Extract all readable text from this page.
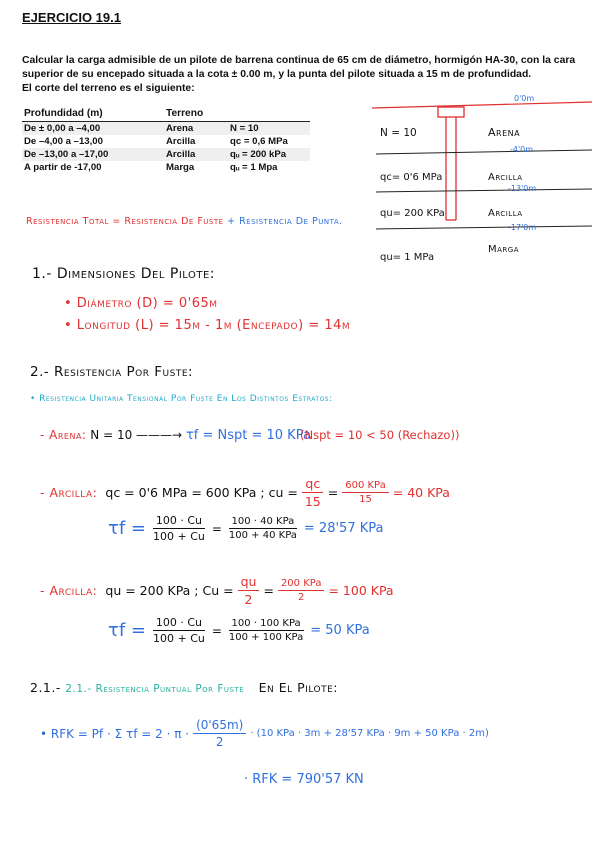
EJERCICIO 19.1
Calcular la carga admisible de un pilote de barrena continua de 65 cm de diámetro, hormigón HA-30, con la cara
superior de su encepado situada a la cota ± 0.00 m, y la punta del pilote situada a 15 m de profundidad.
El corte del terreno es el siguiente:
Profundidad (m)	Terreno	
De ± 0,00 a –4,00	Arena	N = 10
De –4,00 a –13,00	Arcilla	qᴄ = 0,6 MPa
De –13,00 a –17,00	Arcilla	qᵤ = 200 kPa
A partir de -17,00	Marga	qᵤ = 1 Mpa
0'0m
N = 10	Arena
-4'0m
qc= 0'6 MPa	Arcilla
-13'0m
qu= 200 KPa	Arcilla
-17'0m
qu= 1 MPa
Marga
Resistencia Total = Resistencia De Fuste + Resistencia De Punta.
1.- Dimensiones Del Pilote:
• Diámetro (D) = 0'65m
• Longitud (L) = 15m - 1m (Encepado) = 14m
2.- Resistencia Por Fuste:
• Resistencia Unitaria Tensional Por Fuste En Los Distintos Estratos:
- Arena: N = 10 ———→ τf = Nspt = 10 KPa
(Nspt = 10 < 50 (Rechazo))
- Arcilla: qc = 0'6 MPa = 600 KPa ; cu = $\frac{qc}{15} = \frac{\text{600 KPa}}{15} = 40$ KPa
$\tau f = \frac{100 \cdot Cu}{100 + Cu} = \frac{\text{100 · 40 KPa}}{\text{100 + 40 KPa}} = 28'57$ KPa
- Arcilla: qu = 200 KPa ; $Cu = \frac{qu}{2} = \frac{\text{200 KPa}}{2} = 100$ KPa
$\tau f = \frac{100 \cdot Cu}{100 + Cu} = \frac{\text{100 · 100 KPa}}{\text{100 + 100 KPa}} = 50$ KPa
2.1.- 2.1.- Resistencia Puntual Por Fuste En El Pilote:
• RFK = Pf · Σ $\tau f = 2 \cdot \pi \cdot \frac{(0'65m)}{2} \cdot (10$ KPa · 3m + 28'57 KPa · 9m + 50 KPa · 2m)
· RFK = 790'57 KN
